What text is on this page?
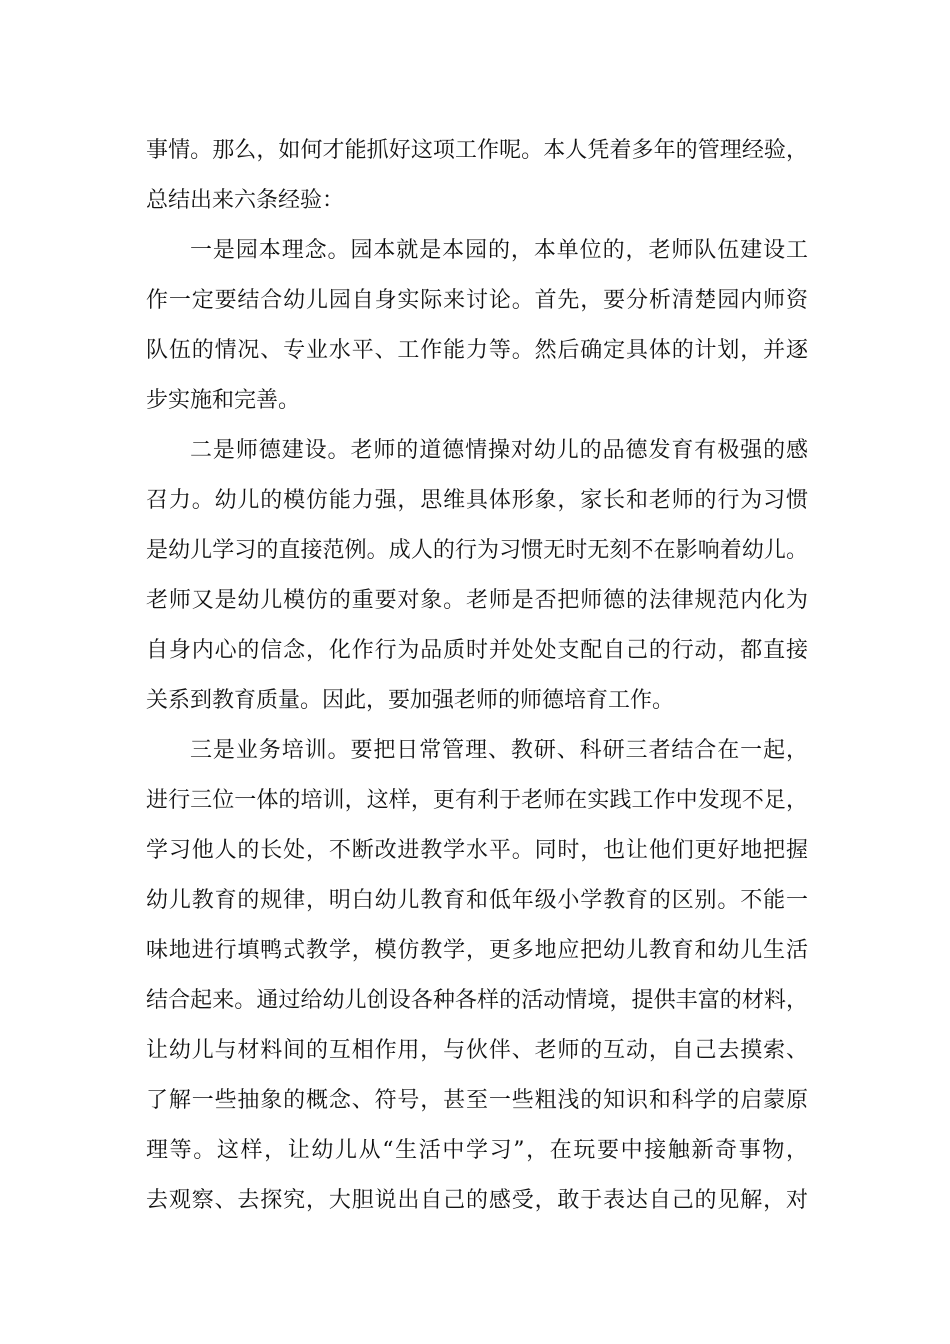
事情。那么，如何才能抓好这项工作呢。本人凭着多年的管理经验，
总结出来六条经验：
一是园本理念。园本就是本园的，本单位的，老师队伍建设工
作一定要结合幼儿园自身实际来讨论。首先，要分析清楚园内师资
队伍的情况、专业水平、工作能力等。然后确定具体的计划，并逐
步实施和完善。
二是师德建设。老师的道德情操对幼儿的品德发育有极强的感
召力。幼儿的模仿能力强，思维具体形象，家长和老师的行为习惯
是幼儿学习的直接范例。成人的行为习惯无时无刻不在影响着幼儿。
老师又是幼儿模仿的重要对象。老师是否把师德的法律规范内化为
自身内心的信念，化作行为品质时并处处支配自己的行动，都直接
关系到教育质量。因此，要加强老师的师德培育工作。
三是业务培训。要把日常管理、教研、科研三者结合在一起，
进行三位一体的培训，这样，更有利于老师在实践工作中发现不足，
学习他人的长处，不断改进教学水平。同时，也让他们更好地把握
幼儿教育的规律，明白幼儿教育和低年级小学教育的区别。不能一
味地进行填鸭式教学，模仿教学，更多地应把幼儿教育和幼儿生活
结合起来。通过给幼儿创设各种各样的活动情境，提供丰富的材料，
让幼儿与材料间的互相作用，与伙伴、老师的互动，自己去摸索、
了解一些抽象的概念、符号，甚至一些粗浅的知识和科学的启蒙原
理等。这样，让幼儿从“生活中学习”，在玩要中接触新奇事物，
去观察、去探究，大胆说出自己的感受，敢于表达自己的见解，对
